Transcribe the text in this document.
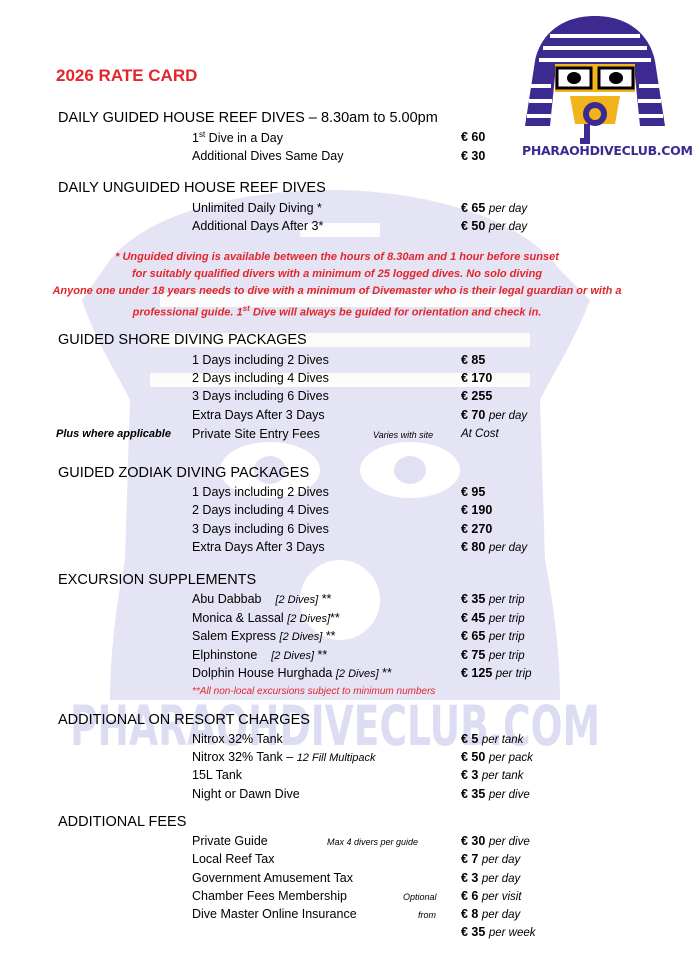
PHARAOHDIVECLUB.COM
PHARAOHDIVECLUB.COM
2026 RATE CARD
DAILY GUIDED HOUSE REEF DIVES – 8.30am to 5.00pm
1st Dive in a Day	€ 60
Additional Dives Same Day	€ 30
DAILY UNGUIDED HOUSE REEF DIVES
Unlimited Daily Diving *	€ 65 per day
Additional Days After 3*	€ 50 per day
* Unguided diving is available between the hours of 8.30am and 1 hour before sunset
for suitably qualified divers with a minimum of 25 logged dives. No solo diving
Anyone one under 18 years needs to dive with a minimum of Divemaster who is their legal guardian or with a
professional guide. 1st Dive will always be guided for orientation and check in.
GUIDED SHORE DIVING PACKAGES
1 Days including 2 Dives	€ 85
2 Days including 4 Dives	€ 170
3 Days including 6 Dives	€ 255
Extra Days After 3 Days	€ 70 per day
Plus where applicable Private Site Entry Fees	Varies with site At Cost
GUIDED ZODIAK DIVING PACKAGES
1 Days including 2 Dives	€ 95
2 Days including 4 Dives	€ 190
3 Days including 6 Dives	€ 270
Extra Days After 3 Days	€ 80 per day
EXCURSION SUPPLEMENTS
Abu Dabbab [2 Dives] **	€ 35 per trip
Monica & Lassal [2 Dives]**	€ 45 per trip
Salem Express [2 Dives] **	€ 65 per trip
Elphinstone [2 Dives] **	€ 75 per trip
Dolphin House Hurghada [2 Dives] **	€ 125 per trip
**All non-local excursions subject to minimum numbers
ADDITIONAL ON RESORT CHARGES
Nitrox 32% Tank	€ 5 per tank
Nitrox 32% Tank – 12 Fill Multipack	€ 50 per pack
15L Tank	€ 3 per tank
Night or Dawn Dive	€ 35 per dive
ADDITIONAL FEES
Private Guide	Max 4 divers per guide	€ 30 per dive
Local Reef Tax	€ 7 per day
Government Amusement Tax	€ 3 per day
Chamber Fees Membership	Optional € 6 per visit
Dive Master Online Insurance	from € 8 per day
€ 35 per week
